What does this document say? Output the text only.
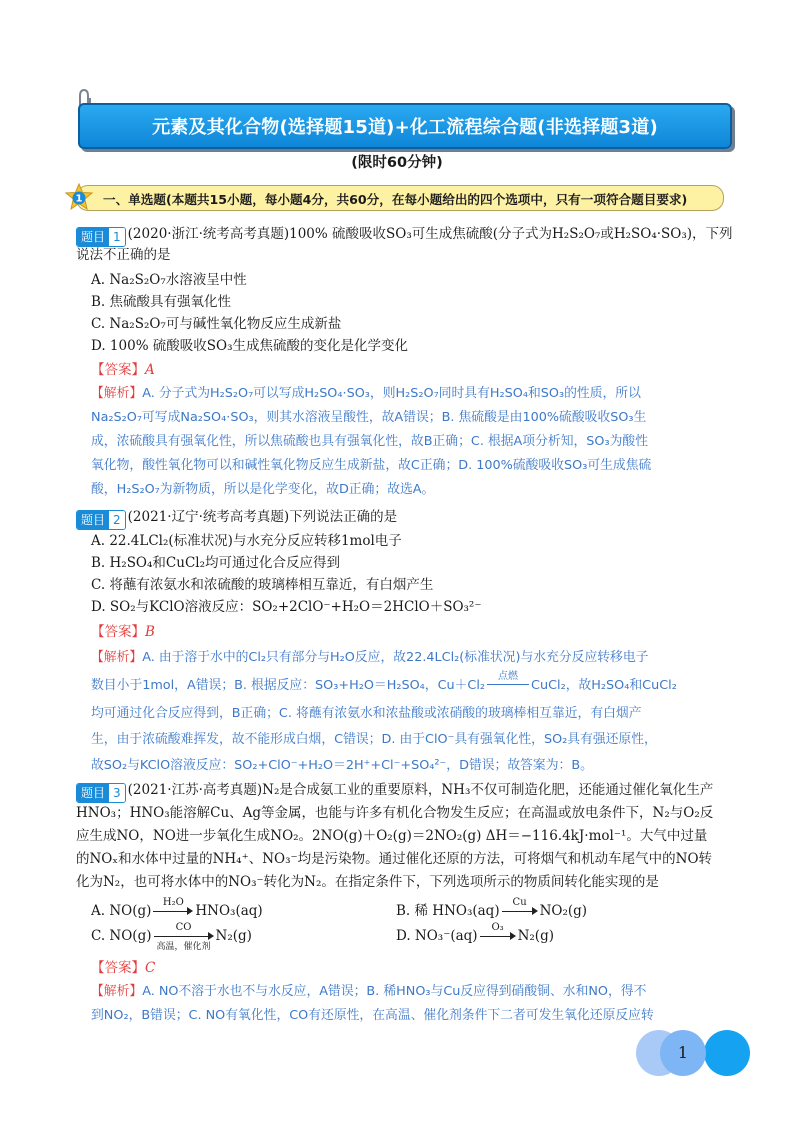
元素及其化合物(选择题15道)+化工流程综合题(非选择题3道)
(限时60分钟)
一、单选题(本题共15小题，每小题4分，共60分，在每小题给出的四个选项中，只有一项符合题目要求)
1
题目 1 (2020·浙江·统考高考真题)100% 硫酸吸收SO₃可生成焦硫酸(分子式为H₂S₂O₇或H₂SO₄·SO₃)，下列
说法不正确的是
A. Na₂S₂O₇水溶液呈中性
B. 焦硫酸具有强氧化性
C. Na₂S₂O₇可与碱性氧化物反应生成新盐
D. 100% 硫酸吸收SO₃生成焦硫酸的变化是化学变化
【答案】A
【解析】A. 分子式为H₂S₂O₇可以写成H₂SO₄·SO₃，则H₂S₂O₇同时具有H₂SO₄和SO₃的性质，所以
Na₂S₂O₇可写成Na₂SO₄·SO₃，则其水溶液呈酸性，故A错误；B. 焦硫酸是由100%硫酸吸收SO₃生
成，浓硫酸具有强氧化性，所以焦硫酸也具有强氧化性，故B正确；C. 根据A项分析知，SO₃为酸性
氧化物，酸性氧化物可以和碱性氧化物反应生成新盐，故C正确；D. 100%硫酸吸收SO₃可生成焦硫
酸，H₂S₂O₇为新物质，所以是化学变化，故D正确；故选A。
题目 2 (2021·辽宁·统考高考真题)下列说法正确的是
A. 22.4LCl₂(标准状况)与水充分反应转移1mol电子
B. H₂SO₄和CuCl₂均可通过化合反应得到
C. 将蘸有浓氨水和浓硫酸的玻璃棒相互靠近，有白烟产生
D. SO₂与KClO溶液反应：SO₂+2ClO⁻+H₂O＝2HClO＋SO₃²⁻
【答案】B
【解析】A. 由于溶于水中的Cl₂只有部分与H₂O反应，故22.4LCl₂(标准状况)与水充分反应转移电子
数目小于1mol，A错误；B. 根据反应：SO₃+H₂O＝H₂SO₄，Cu＋Cl₂
点燃
CuCl₂，故H₂SO₄和CuCl₂
均可通过化合反应得到，B正确；C. 将蘸有浓氨水和浓盐酸或浓硝酸的玻璃棒相互靠近，有白烟产
生，由于浓硫酸难挥发，故不能形成白烟，C错误；D. 由于ClO⁻具有强氧化性，SO₂具有强还原性，
故SO₂与KClO溶液反应：SO₂+ClO⁻+H₂O＝2H⁺+Cl⁻+SO₄²⁻，D错误；故答案为：B。
题目 3 (2021·江苏·高考真题)N₂是合成氨工业的重要原料，NH₃不仅可制造化肥，还能通过催化氧化生产
HNO₃；HNO₃能溶解Cu、Ag等金属，也能与许多有机化合物发生反应；在高温或放电条件下，N₂与O₂反
应生成NO，NO进一步氧化生成NO₂。2NO(g)＋O₂(g)＝2NO₂(g) ΔH＝−116.4kJ·mol⁻¹。大气中过量
的NOₓ和水体中过量的NH₄⁺、NO₃⁻均是污染物。通过催化还原的方法，可将烟气和机动车尾气中的NO转
化为N₂，也可将水体中的NO₃⁻转化为N₂。在指定条件下，下列选项所示的物质间转化能实现的是
A. NO(g)
H₂O
HNO₃(aq)	B. 稀 HNO₃(aq)
Cu
NO₂(g)
C. NO(g)
CO
高温，催化剂
N₂(g)	D. NO₃⁻(aq)
O₃
N₂(g)
【答案】C
【解析】A. NO不溶于水也不与水反应，A错误；B. 稀HNO₃与Cu反应得到硝酸铜、水和NO，得不
到NO₂，B错误；C. NO有氧化性，CO有还原性，在高温、催化剂条件下二者可发生氧化还原反应转
1
